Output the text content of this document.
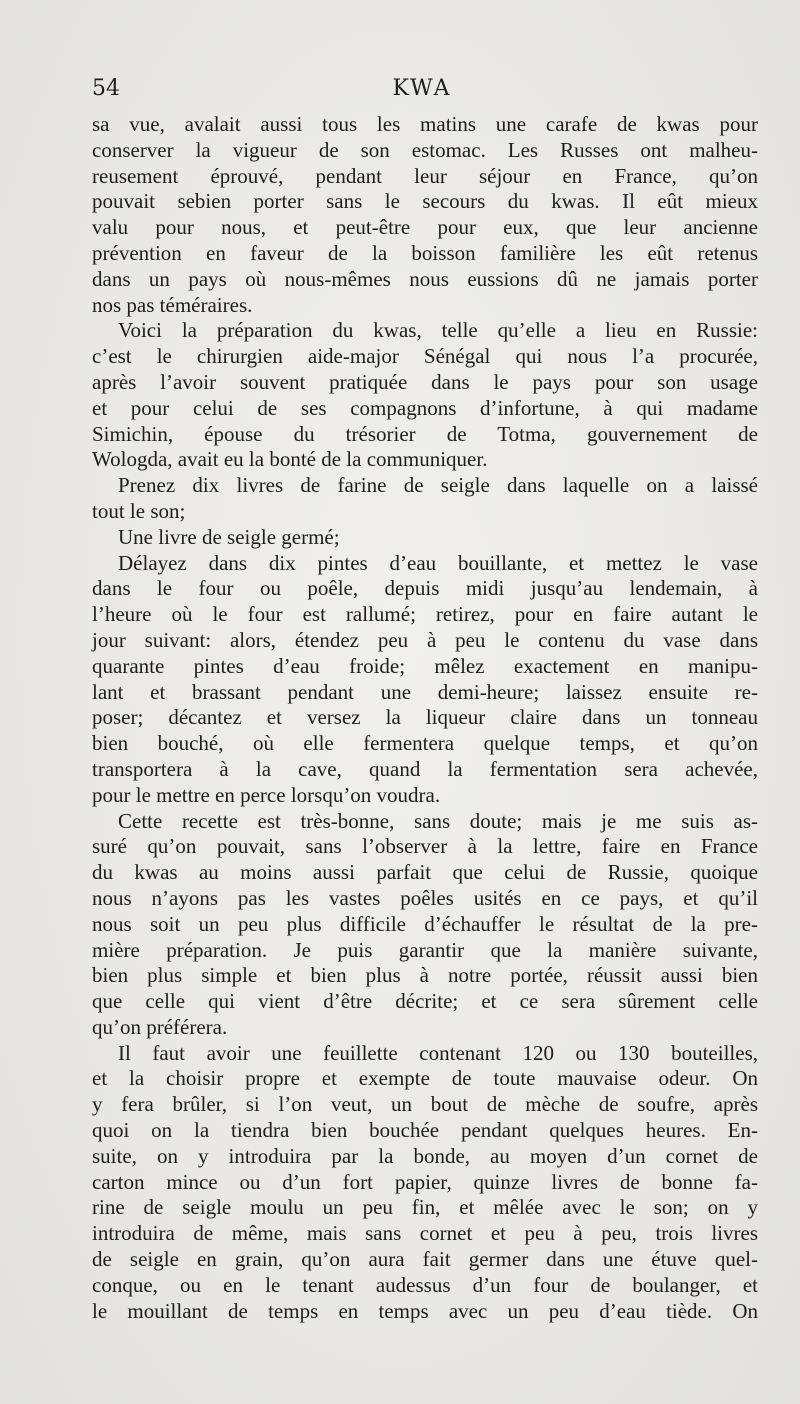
54	KWA
sa vue, avalait aussi tous les matins une carafe de kwas pour
conserver la vigueur de son estomac. Les Russes ont malheu-
reusement éprouvé, pendant leur séjour en France, qu’on
pouvait sebien porter sans le secours du kwas. Il eût mieux
valu pour nous, et peut-être pour eux, que leur ancienne
prévention en faveur de la boisson familière les eût retenus
dans un pays où nous-mêmes nous eussions dû ne jamais porter
nos pas téméraires.
Voici la préparation du kwas, telle qu’elle a lieu en Russie:
c’est le chirurgien aide-major Sénégal qui nous l’a procurée,
après l’avoir souvent pratiquée dans le pays pour son usage
et pour celui de ses compagnons d’infortune, à qui madame
Simichin, épouse du trésorier de Totma, gouvernement de
Wologda, avait eu la bonté de la communiquer.
Prenez dix livres de farine de seigle dans laquelle on a laissé
tout le son;
Une livre de seigle germé;
Délayez dans dix pintes d’eau bouillante, et mettez le vase
dans le four ou poêle, depuis midi jusqu’au lendemain, à
l’heure où le four est rallumé; retirez, pour en faire autant le
jour suivant: alors, étendez peu à peu le contenu du vase dans
quarante pintes d’eau froide; mêlez exactement en manipu-
lant et brassant pendant une demi-heure; laissez ensuite re-
poser; décantez et versez la liqueur claire dans un tonneau
bien bouché, où elle fermentera quelque temps, et qu’on
transportera à la cave, quand la fermentation sera achevée,
pour le mettre en perce lorsqu’on voudra.
Cette recette est très-bonne, sans doute; mais je me suis as-
suré qu’on pouvait, sans l’observer à la lettre, faire en France
du kwas au moins aussi parfait que celui de Russie, quoique
nous n’ayons pas les vastes poêles usités en ce pays, et qu’il
nous soit un peu plus difficile d’échauffer le résultat de la pre-
mière préparation. Je puis garantir que la manière suivante,
bien plus simple et bien plus à notre portée, réussit aussi bien
que celle qui vient d’être décrite; et ce sera sûrement celle
qu’on préférera.
Il faut avoir une feuillette contenant 120 ou 130 bouteilles,
et la choisir propre et exempte de toute mauvaise odeur. On
y fera brûler, si l’on veut, un bout de mèche de soufre, après
quoi on la tiendra bien bouchée pendant quelques heures. En-
suite, on y introduira par la bonde, au moyen d’un cornet de
carton mince ou d’un fort papier, quinze livres de bonne fa-
rine de seigle moulu un peu fin, et mêlée avec le son; on y
introduira de même, mais sans cornet et peu à peu, trois livres
de seigle en grain, qu’on aura fait germer dans une étuve quel-
conque, ou en le tenant audessus d’un four de boulanger, et
le mouillant de temps en temps avec un peu d’eau tiède. On
